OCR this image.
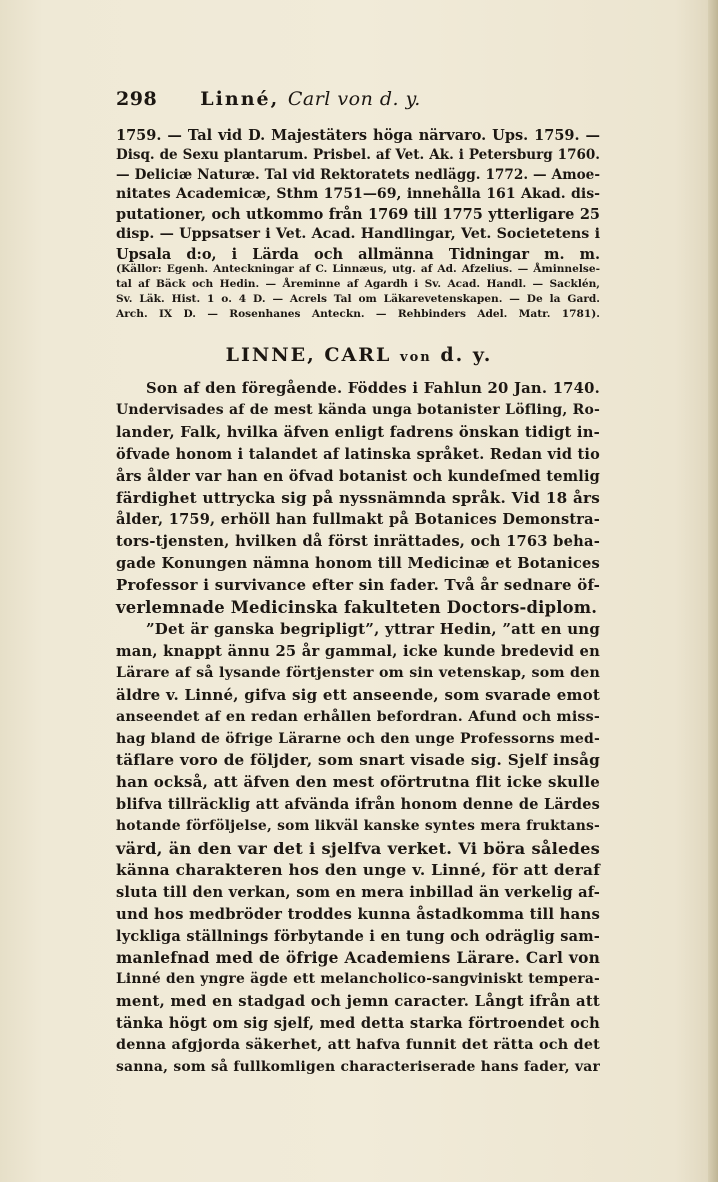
298 Linné, Carl von d. y.
1759. — Tal vid D. Majestäters höga närvaro. Ups. 1759. —
Disq. de Sexu plantarum. Prisbel. af Vet. Ak. i Petersburg 1760.
— Deliciæ Naturæ. Tal vid Rektoratets nedlägg. 1772. — Amoe-
nitates Academicæ, Sthm 1751—69, innehålla 161 Akad. dis-
putationer, och utkommo från 1769 till 1775 ytterligare 25
disp. — Uppsatser i Vet. Acad. Handlingar, Vet. Societetens i
Upsala d:o, i Lärda och allmänna Tidningar m. m.
(Källor: Egenh. Anteckningar af C. Linnæus, utg. af Ad. Afzelius. — Åminnelse-
tal af Bäck och Hedin. — Åreminne af Agardh i Sv. Acad. Handl. — Sacklén,
Sv. Läk. Hist. 1 o. 4 D. — Acrels Tal om Läkarevetenskapen. — De la Gard.
Arch. IX D. — Rosenhanes Anteckn. — Rehbinders Adel. Matr. 1781).
LINNE, CARL von d. y.
Son af den föregående. Föddes i Fahlun 20 Jan. 1740.
Undervisades af de mest kända unga botanister Löfling, Ro-
lander, Falk, hvilka äfven enligt fadrens önskan tidigt in-
öfvade honom i talandet af latinska språket. Redan vid tio
års ålder var han en öfvad botanist och kundeſmed temlig
färdighet uttrycka sig på nyssnämnda språk. Vid 18 års
ålder, 1759, erhöll han fullmakt på Botanices Demonstra-
tors-tjensten, hvilken då först inrättades, och 1763 beha-
gade Konungen nämna honom till Medicinæ et Botanices
Professor i survivance efter sin fader. Två år sednare öf-
verlemnade Medicinska fakulteten Doctors-diplom.
”Det är ganska begripligt”, yttrar Hedin, ”att en ung
man, knappt ännu 25 år gammal, icke kunde bredevid en
Lärare af så lysande förtjenster om sin vetenskap, som den
äldre v. Linné, gifva sig ett anseende, som svarade emot
anseendet af en redan erhållen befordran. Afund och miss-
hag bland de öfrige Lärarne och den unge Professorns med-
täflare voro de följder, som snart visade sig. Sjelf insåg
han också, att äfven den mest oförtrutna flit icke skulle
blifva tillräcklig att afvända ifrån honom denne de Lärdes
hotande förföljelse, som likväl kanske syntes mera fruktans-
värd, än den var det i sjelfva verket. Vi böra således
känna charakteren hos den unge v. Linné, för att deraf
sluta till den verkan, som en mera inbillad än verkelig af-
und hos medbröder troddes kunna åstadkomma till hans
lyckliga ställnings förbytande i en tung och odräglig sam-
manlefnad med de öfrige Academiens Lärare. Carl von
Linné den yngre ägde ett melancholico-sangviniskt tempera-
ment, med en stadgad och jemn caracter. Långt ifrån att
tänka högt om sig sjelf, med detta starka förtroendet och
denna afgjorda säkerhet, att hafva funnit det rätta och det
sanna, som så fullkomligen characteriserade hans fader, var
